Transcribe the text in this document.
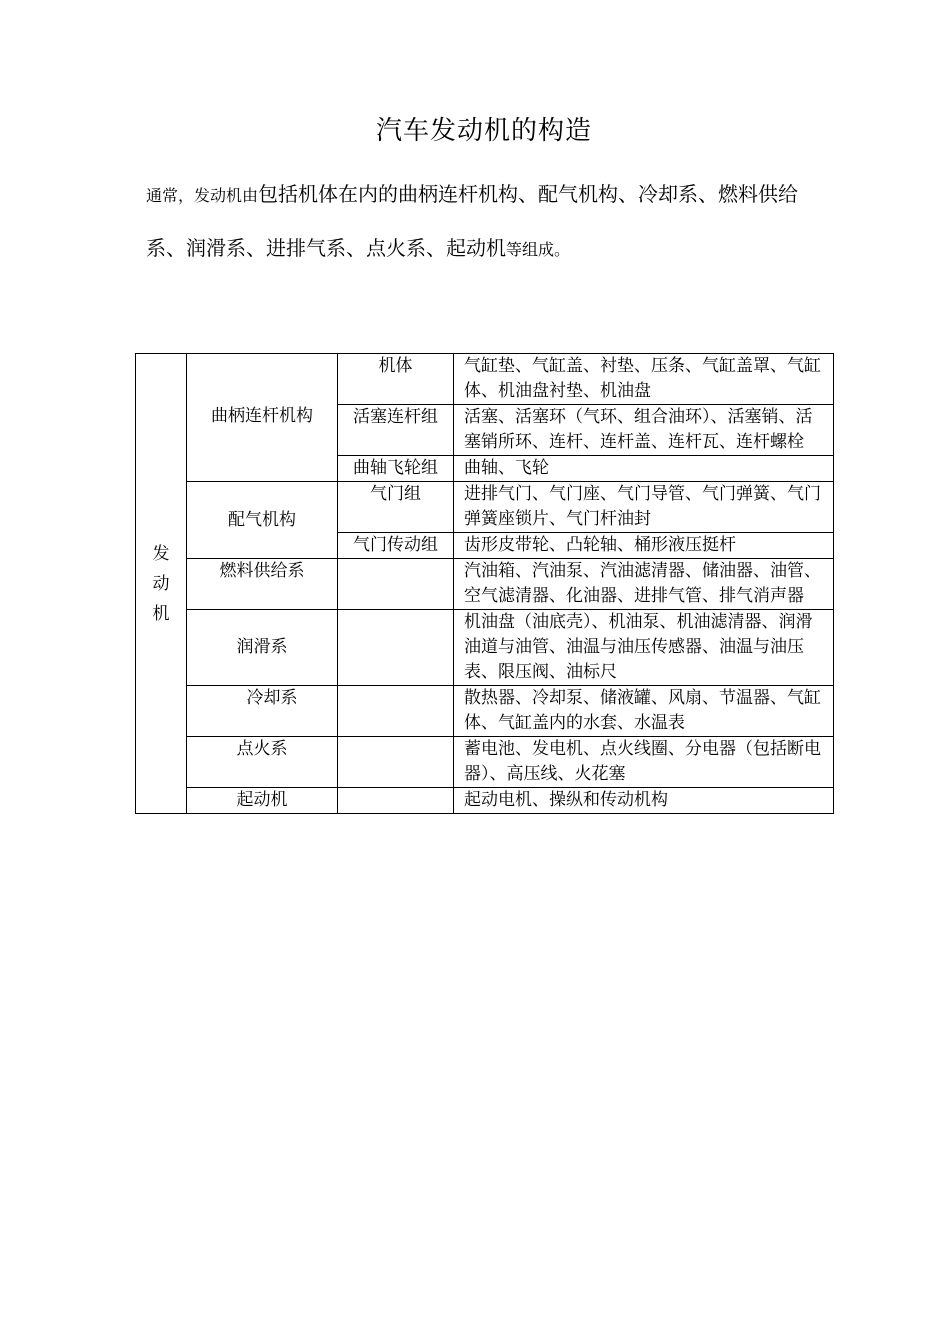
汽车发动机的构造
通常，发动机由包括机体在内的曲柄连杆机构、配气机构、冷却系、燃料供给系、润滑系、进排气系、点火系、起动机等组成。
发动机	曲柄连杆机构	机体	气缸垫、气缸盖、衬垫、压条、气缸盖罩、气缸体、机油盘衬垫、机油盘
		活塞连杆组	活塞、活塞环（气环、组合油环）、活塞销、活塞销所环、连杆、连杆盖、连杆瓦、连杆螺栓
		曲轴飞轮组	曲轴、飞轮
	配气机构	气门组	进排气门、气门座、气门导管、气门弹簧、气门弹簧座锁片、气门杆油封
		气门传动组	齿形皮带轮、凸轮轴、桶形液压挺杆
	燃料供给系		汽油箱、汽油泵、汽油滤清器、储油器、油管、空气滤清器、化油器、进排气管、排气消声器
	润滑系		机油盘（油底壳）、机油泵、机油滤清器、润滑油道与油管、油温与油压传感器、油温与油压表、限压阀、油标尺
	冷却系		散热器、冷却泵、储液罐、风扇、节温器、气缸体、气缸盖内的水套、水温表
	点火系		蓄电池、发电机、点火线圈、分电器（包括断电器）、高压线、火花塞
	起动机		起动电机、操纵和传动机构
